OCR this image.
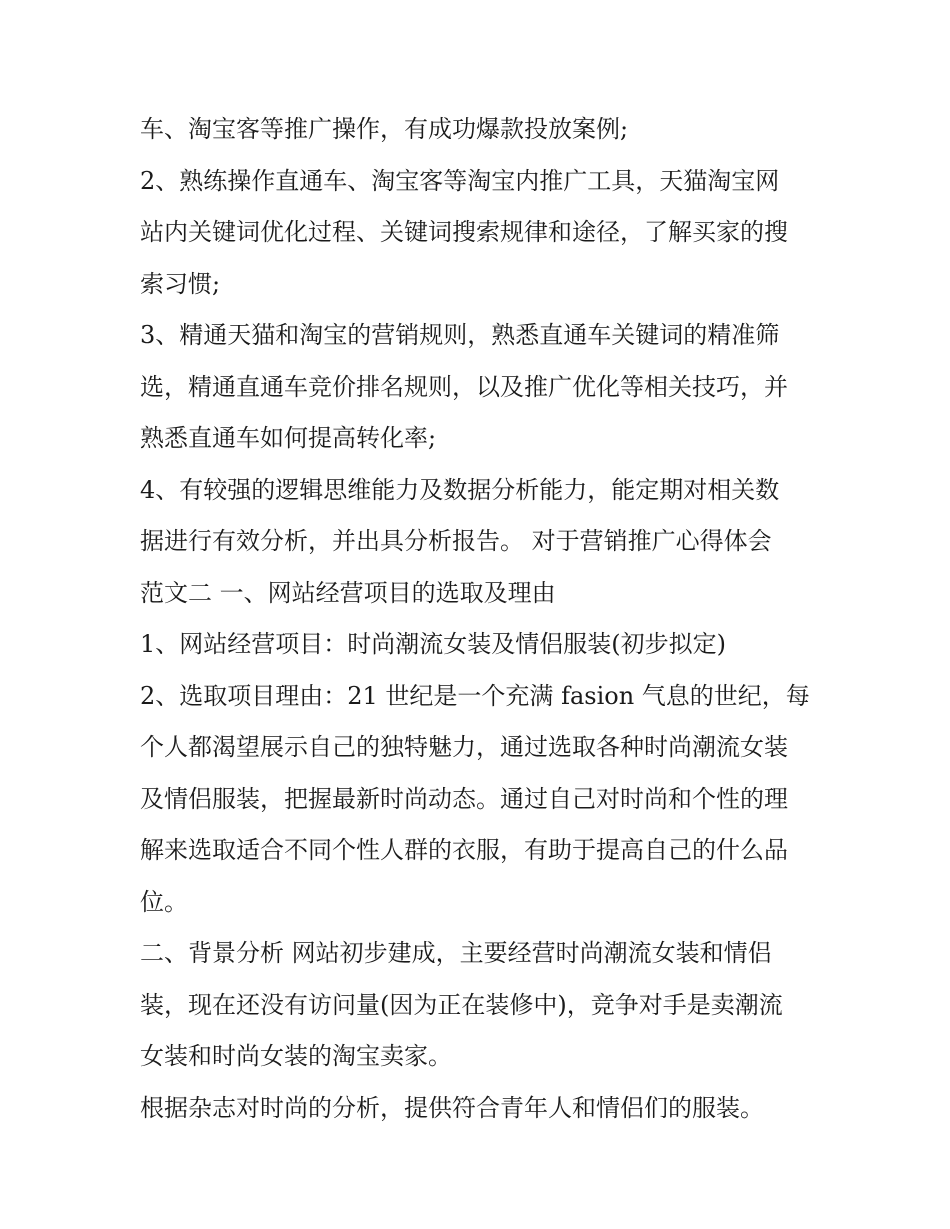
车、淘宝客等推广操作，有成功爆款投放案例;

2、熟练操作直通车、淘宝客等淘宝内推广工具，天猫淘宝网

站内关键词优化过程、关键词搜索规律和途径，了解买家的搜

索习惯;

3、精通天猫和淘宝的营销规则，熟悉直通车关键词的精准筛

选，精通直通车竞价排名规则，以及推广优化等相关技巧，并

熟悉直通车如何提高转化率;

4、有较强的逻辑思维能力及数据分析能力，能定期对相关数

据进行有效分析，并出具分析报告。 对于营销推广心得体会

范文二 一、网站经营项目的选取及理由

1、网站经营项目：时尚潮流女装及情侣服装(初步拟定)

2、选取项目理由：21 世纪是一个充满 fasion 气息的世纪，每

个人都渴望展示自己的独特魅力，通过选取各种时尚潮流女装

及情侣服装，把握最新时尚动态。通过自己对时尚和个性的理

解来选取适合不同个性人群的衣服，有助于提高自己的什么品

位。

二、背景分析 网站初步建成，主要经营时尚潮流女装和情侣

装，现在还没有访问量(因为正在装修中)，竞争对手是卖潮流

女装和时尚女装的淘宝卖家。

根据杂志对时尚的分析，提供符合青年人和情侣们的服装。
